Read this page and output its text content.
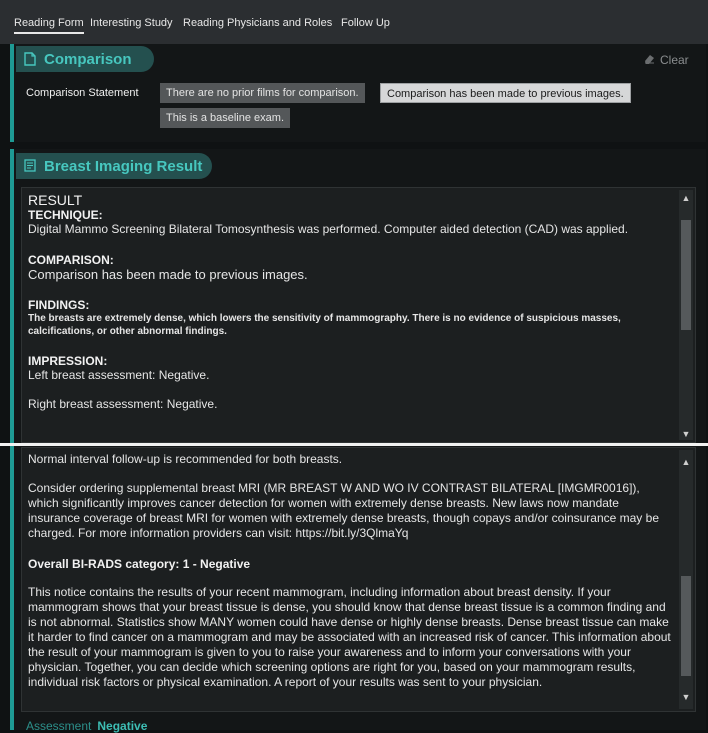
Reading Form Interesting Study Reading Physicians and Roles Follow Up
Comparison	Clear
Comparison Statement	There are no prior films for comparison.	Comparison has been made to previous images.
This is a baseline exam.
Breast Imaging Result
RESULT
TECHNIQUE:
Digital Mammo Screening Bilateral Tomosynthesis was performed. Computer aided detection (CAD) was applied.
COMPARISON:
Comparison has been made to previous images.
FINDINGS:
The breasts are extremely dense, which lowers the sensitivity of mammography. There is no evidence of suspicious masses, calcifications, or other abnormal findings.
IMPRESSION:
Left breast assessment: Negative.
Right breast assessment: Negative.
▲
▼
Normal interval follow-up is recommended for both breasts.
Consider ordering supplemental breast MRI (MR BREAST W AND WO IV CONTRAST BILATERAL [IMGMR0016]), which significantly improves cancer detection for women with extremely dense breasts. New laws now mandate insurance coverage of breast MRI for women with extremely dense breasts, though copays and/or coinsurance may be charged. For more information providers can visit: https://bit.ly/3QlmaYq
Overall BI-RADS category: 1 - Negative
This notice contains the results of your recent mammogram, including information about breast density. If your mammogram shows that your breast tissue is dense, you should know that dense breast tissue is a common finding and is not abnormal. Statistics show MANY women could have dense or highly dense breasts. Dense breast tissue can make it harder to find cancer on a mammogram and may be associated with an increased risk of cancer. This information about the result of your mammogram is given to you to raise your awareness and to inform your conversations with your physician. Together, you can decide which screening options are right for you, based on your mammogram results, individual risk factors or physical examination. A report of your results was sent to your physician.
▲
▼
Assessment Negative
